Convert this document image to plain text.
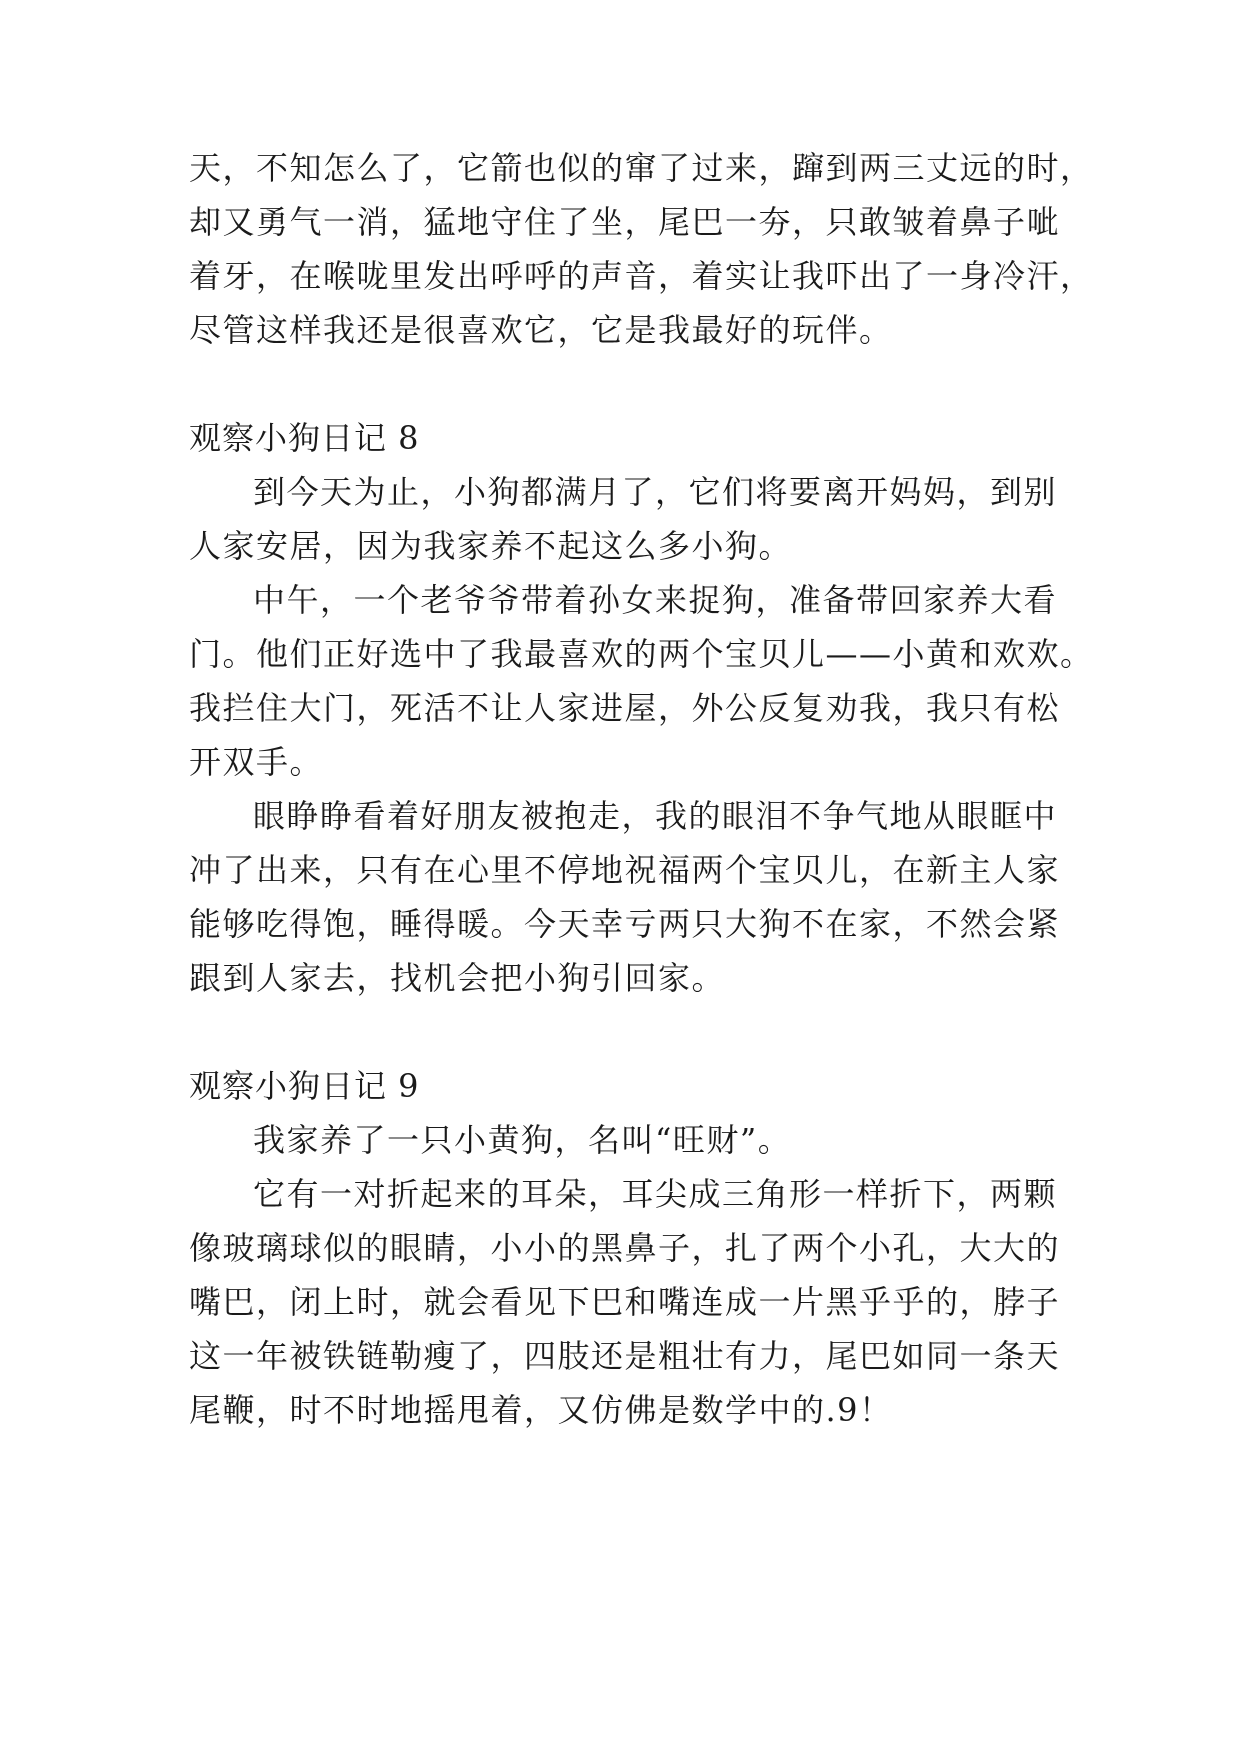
天，不知怎么了，它箭也似的窜了过来，蹿到两三丈远的时，
却又勇气一消，猛地守住了坐，尾巴一夯，只敢皱着鼻子呲
着牙，在喉咙里发出呼呼的声音，着实让我吓出了一身冷汗，
尽管这样我还是很喜欢它，它是我最好的玩伴。
观察小狗日记 8
到今天为止，小狗都满月了，它们将要离开妈妈，到别
人家安居，因为我家养不起这么多小狗。
中午，一个老爷爷带着孙女来捉狗，准备带回家养大看
门。他们正好选中了我最喜欢的两个宝贝儿——小黄和欢欢。
我拦住大门，死活不让人家进屋，外公反复劝我，我只有松
开双手。
眼睁睁看着好朋友被抱走，我的眼泪不争气地从眼眶中
冲了出来，只有在心里不停地祝福两个宝贝儿，在新主人家
能够吃得饱，睡得暖。今天幸亏两只大狗不在家，不然会紧
跟到人家去，找机会把小狗引回家。
观察小狗日记 9
我家养了一只小黄狗，名叫“旺财”。
它有一对折起来的耳朵，耳尖成三角形一样折下，两颗
像玻璃球似的眼睛，小小的黑鼻子，扎了两个小孔，大大的
嘴巴，闭上时，就会看见下巴和嘴连成一片黑乎乎的，脖子
这一年被铁链勒瘦了，四肢还是粗壮有力，尾巴如同一条天
尾鞭，时不时地摇甩着，又仿佛是数学中的.9！
